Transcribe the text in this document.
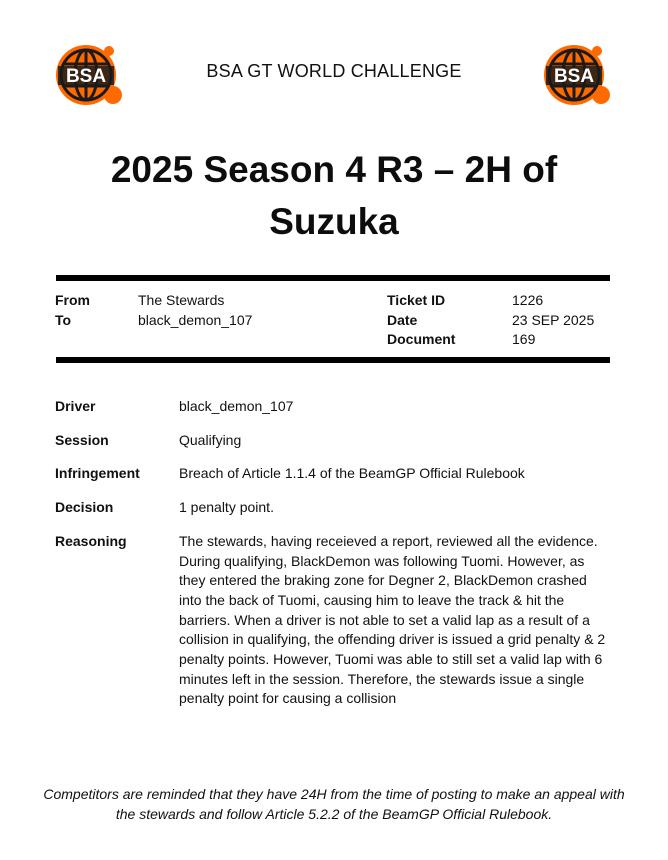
BSA	BSA
BSA GT WORLD CHALLENGE
2025 Season 4 R3 – 2H of Suzuka
From	The Stewards
To	black_demon_107
Ticket ID	1226
Date	23 SEP 2025
Document	169
Driver	black_demon_107
Session	Qualifying
Infringement	Breach of Article 1.1.4 of the BeamGP Official Rulebook
Decision	1 penalty point.
Reasoning	The stewards, having receieved a report, reviewed all the evidence. During qualifying, BlackDemon was following Tuomi. However, as they entered the braking zone for Degner 2, BlackDemon crashed into the back of Tuomi, causing him to leave the track & hit the barriers. When a driver is not able to set a valid lap as a result of a collision in qualifying, the offending driver is issued a grid penalty & 2 penalty points. However, Tuomi was able to still set a valid lap with 6 minutes left in the session. Therefore, the stewards issue a single penalty point for causing a collision
Competitors are reminded that they have 24H from the time of posting to make an appeal with the stewards and follow Article 5.2.2 of the BeamGP Official Rulebook.
